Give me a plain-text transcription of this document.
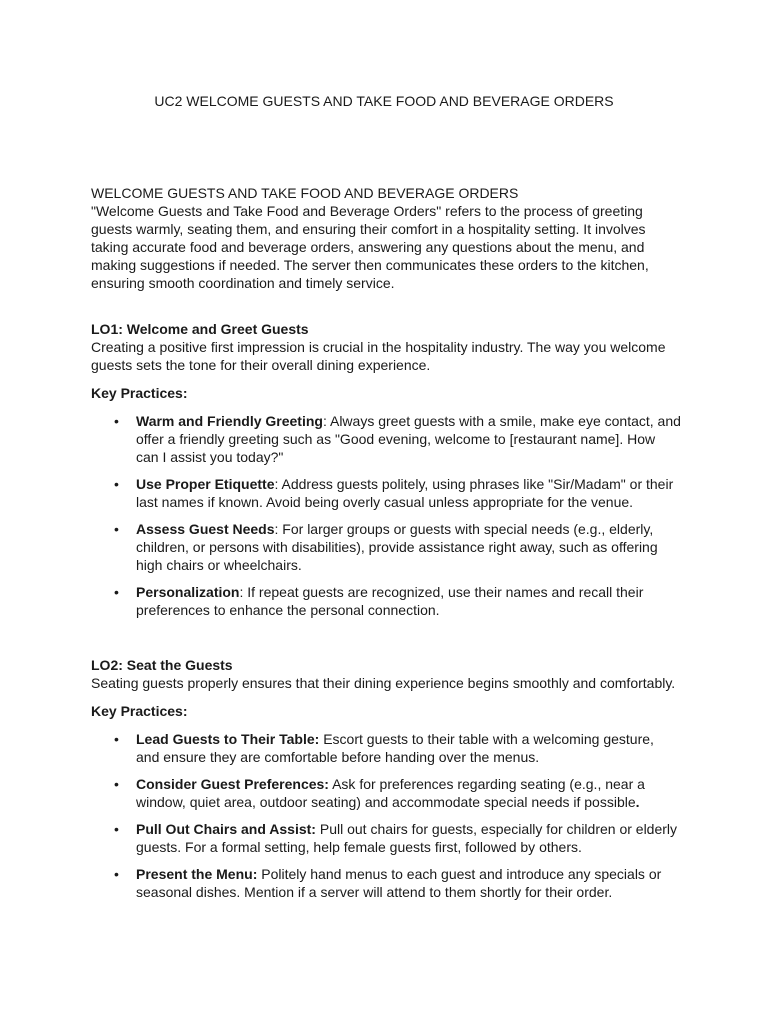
UC2 WELCOME GUESTS AND TAKE FOOD AND BEVERAGE ORDERS
WELCOME GUESTS AND TAKE FOOD AND BEVERAGE ORDERS

"Welcome Guests and Take Food and Beverage Orders" refers to the process of greeting guests warmly, seating them, and ensuring their comfort in a hospitality setting. It involves taking accurate food and beverage orders, answering any questions about the menu, and making suggestions if needed. The server then communicates these orders to the kitchen, ensuring smooth coordination and timely service.

LO1: Welcome and Greet Guests

Creating a positive first impression is crucial in the hospitality industry. The way you welcome guests sets the tone for their overall dining experience.

Key Practices:

• Warm and Friendly Greeting: Always greet guests with a smile, make eye contact, and offer a friendly greeting such as "Good evening, welcome to [restaurant name]. How can I assist you today?"
• Use Proper Etiquette: Address guests politely, using phrases like "Sir/Madam" or their last names if known. Avoid being overly casual unless appropriate for the venue.
• Assess Guest Needs: For larger groups or guests with special needs (e.g., elderly, children, or persons with disabilities), provide assistance right away, such as offering high chairs or wheelchairs.
• Personalization: If repeat guests are recognized, use their names and recall their preferences to enhance the personal connection.
LO2: Seat the Guests

Seating guests properly ensures that their dining experience begins smoothly and comfortably.

Key Practices:

• Lead Guests to Their Table: Escort guests to their table with a welcoming gesture, and ensure they are comfortable before handing over the menus.
• Consider Guest Preferences: Ask for preferences regarding seating (e.g., near a window, quiet area, outdoor seating) and accommodate special needs if possible.
• Pull Out Chairs and Assist: Pull out chairs for guests, especially for children or elderly guests. For a formal setting, help female guests first, followed by others.
• Present the Menu: Politely hand menus to each guest and introduce any specials or seasonal dishes. Mention if a server will attend to them shortly for their order.
